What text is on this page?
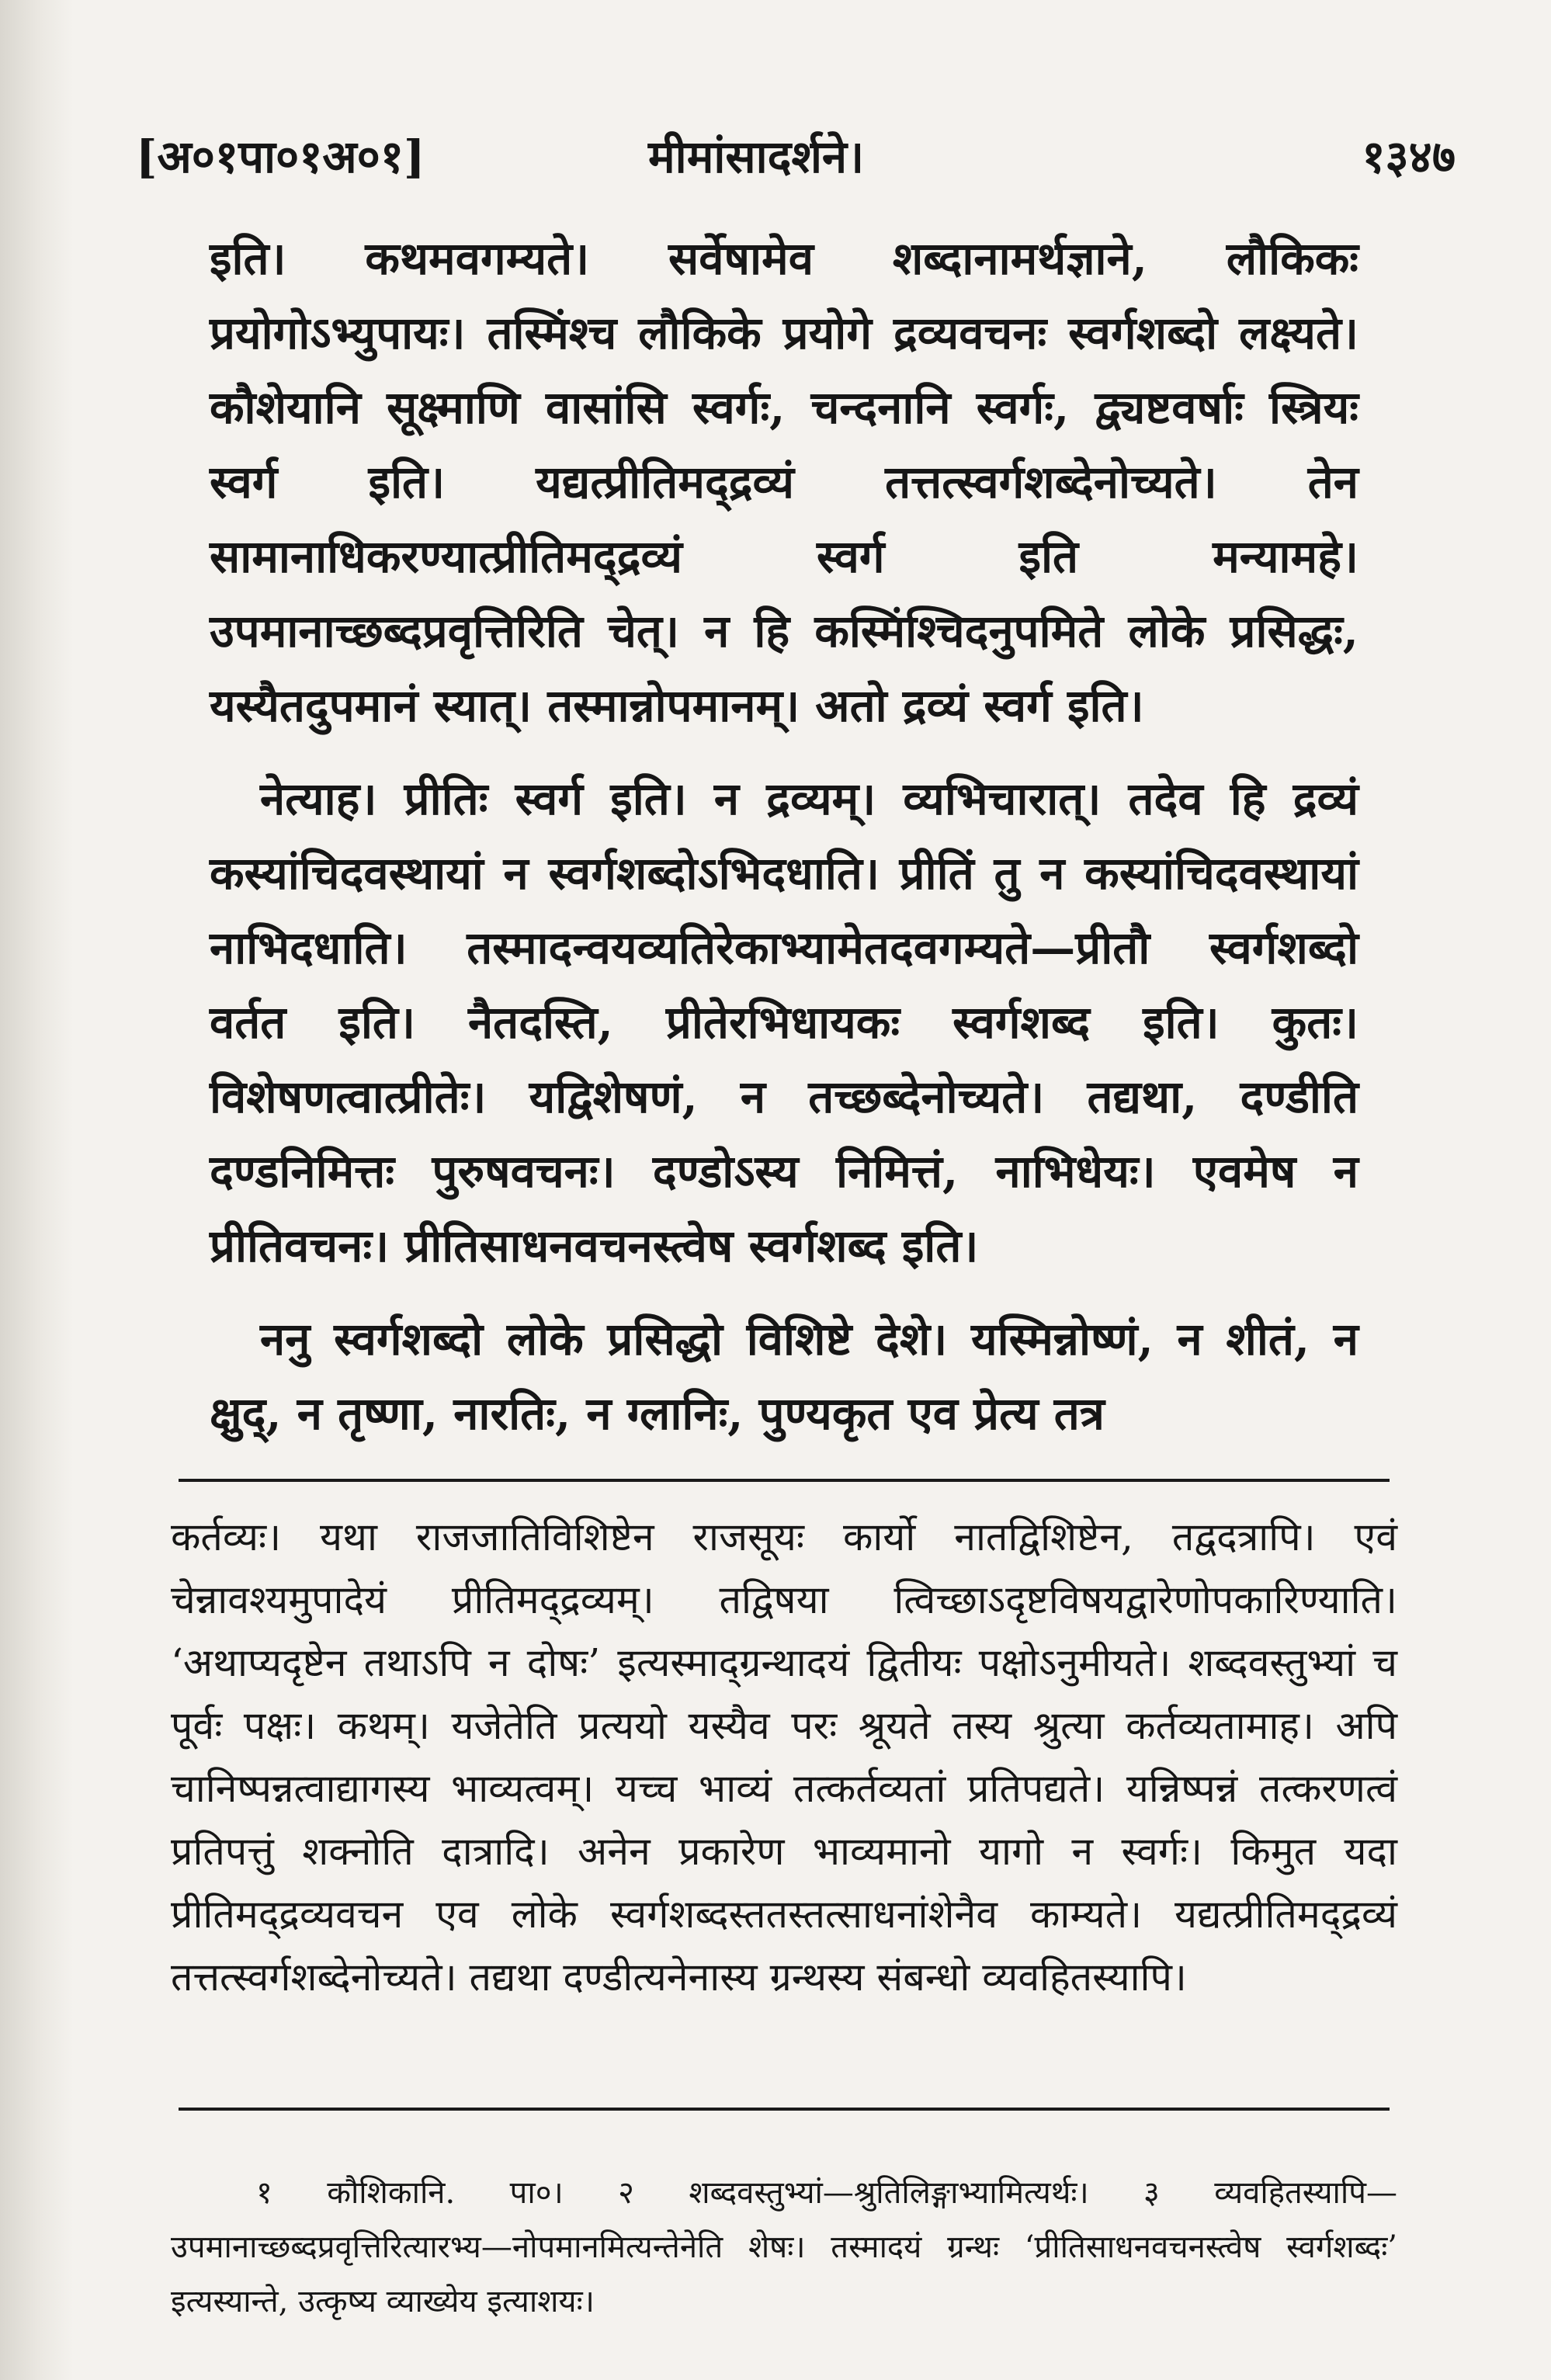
[अ०१पा०१अ०१]	मीमांसादर्शने।	१३४७

इति। कथमवगम्यते। सर्वेषामेव शब्दानामर्थज्ञाने, लौकिकः प्रयोगोऽभ्युपायः। तस्मिंश्च लौकिके प्रयोगे द्रव्यवचनः स्वर्गशब्दो लक्ष्यते। कौशेयानि सूक्ष्माणि वासांसि स्वर्गः, चन्दनानि स्वर्गः, द्व्यष्टवर्षाः स्त्रियः स्वर्ग इति। यद्यत्प्रीतिमद्द्रव्यं तत्तत्स्वर्गशब्देनोच्यते। तेन सामानाधिकरण्यात्प्रीतिमद्द्रव्यं स्वर्ग इति मन्यामहे। उपमानाच्छब्दप्रवृत्तिरिति चेत्। न हि कस्मिंश्चिदनुपमिते लोके प्रसिद्धः, यस्यैतदुपमानं स्यात्। तस्मान्नोपमानम्। अतो द्रव्यं स्वर्ग इति।

नेत्याह। प्रीतिः स्वर्ग इति। न द्रव्यम्। व्यभिचारात्। तदेव हि द्रव्यं कस्यांचिदवस्थायां न स्वर्गशब्दोऽभिदधाति। प्रीतिं तु न कस्यांचिदवस्थायां नाभिदधाति। तस्मादन्वयव्यतिरेकाभ्यामेतदवगम्यते—प्रीतौ स्वर्गशब्दो वर्तत इति। नैतदस्ति, प्रीतेरभिधायकः स्वर्गशब्द इति। कुतः। विशेषणत्वात्प्रीतेः। यद्विशेषणं, न तच्छब्देनोच्यते। तद्यथा, दण्डीति दण्डनिमित्तः पुरुषवचनः। दण्डोऽस्य निमित्तं, नाभिधेयः। एवमेष न प्रीतिवचनः। प्रीतिसाधनवचनस्त्वेष स्वर्गशब्द इति।

ननु स्वर्गशब्दो लोके प्रसिद्धो विशिष्टे देशे। यस्मिन्नोष्णं, न शीतं, न क्षुद्, न तृष्णा, नारतिः, न ग्लानिः, पुण्यकृत एव प्रेत्य तत्र

कर्तव्यः। यथा राजजातिविशिष्टेन राजसूयः कार्यो नातद्विशिष्टेन, तद्वदत्रापि। एवं चेन्नावश्यमुपादेयं प्रीतिमद्द्रव्यम्। तद्विषया त्विच्छाऽदृष्टविषयद्वारेणोपकारिण्याति। ‘अथाप्यदृष्टेन तथाऽपि न दोषः’ इत्यस्माद्ग्रन्थादयं द्वितीयः पक्षोऽनुमीयते। शब्दवस्तुभ्यां च पूर्वः पक्षः। कथम्। यजेतेति प्रत्ययो यस्यैव परः श्रूयते तस्य श्रुत्या कर्तव्यतामाह। अपि चानिष्पन्नत्वाद्यागस्य भाव्यत्वम्। यच्च भाव्यं तत्कर्तव्यतां प्रतिपद्यते। यन्निष्पन्नं तत्करणत्वं प्रतिपत्तुं शक्नोति दात्रादि। अनेन प्रकारेण भाव्यमानो यागो न स्वर्गः। किमुत यदा प्रीतिमद्द्रव्यवचन एव लोके स्वर्गशब्दस्ततस्तत्साधनांशेनैव काम्यते। यद्यत्प्रीतिमद्द्रव्यं तत्तत्स्वर्गशब्देनोच्यते। तद्यथा दण्डीत्यनेनास्य ग्रन्थस्य संबन्धो व्यवहितस्यापि।

१ कौशिकानि. पा०। २ शब्दवस्तुभ्यां—श्रुतिलिङ्गाभ्यामित्यर्थः। ३ व्यवहितस्यापि—उपमानाच्छब्दप्रवृत्तिरित्यारभ्य—नोपमानमित्यन्तेनेति शेषः। तस्मादयं ग्रन्थः ‘प्रीतिसाधनवचनस्त्वेष स्वर्गशब्दः’ इत्यस्यान्ते, उत्कृष्य व्याख्येय इत्याशयः।
